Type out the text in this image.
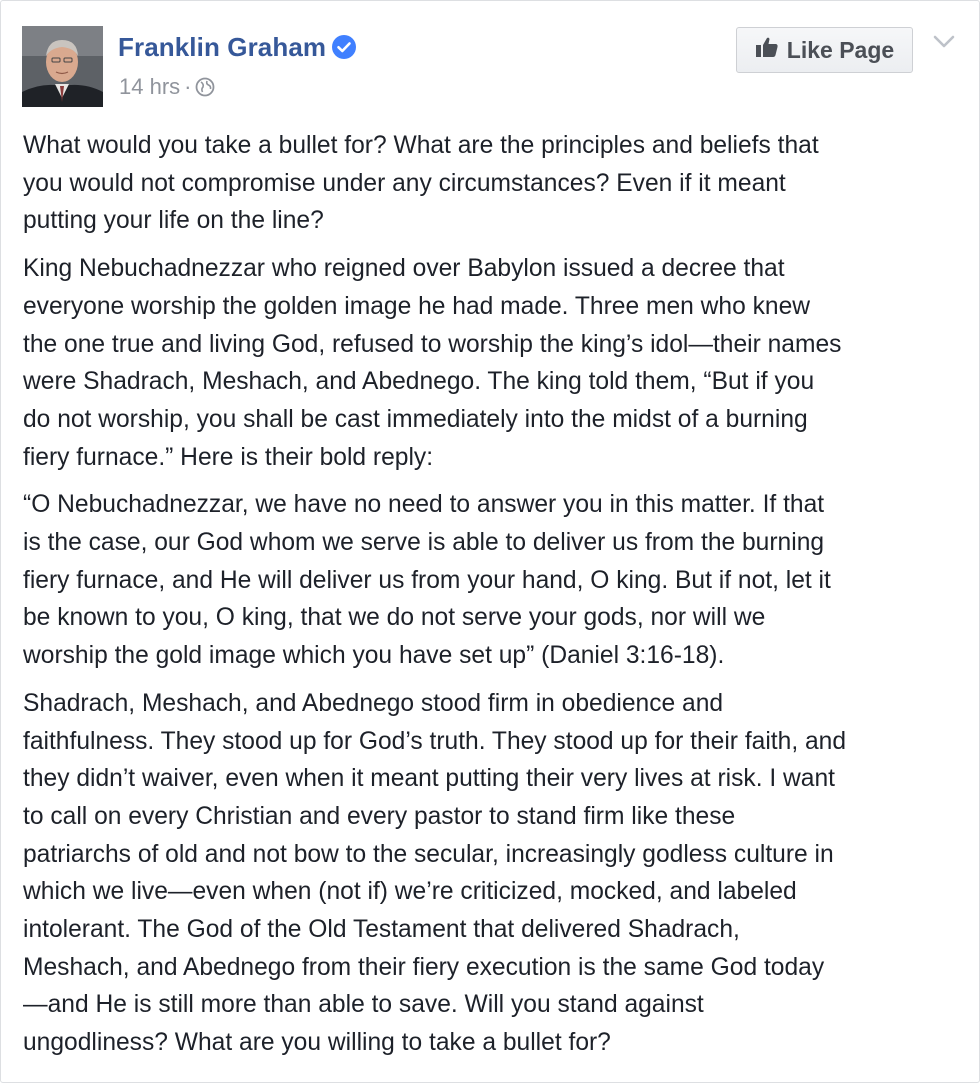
Franklin Graham
14 hrs ·
Like Page

What would you take a bullet for? What are the principles and beliefs that
you would not compromise under any circumstances? Even if it meant
putting your life on the line?

King Nebuchadnezzar who reigned over Babylon issued a decree that
everyone worship the golden image he had made. Three men who knew
the one true and living God, refused to worship the king’s idol—their names
were Shadrach, Meshach, and Abednego. The king told them, “But if you
do not worship, you shall be cast immediately into the midst of a burning
fiery furnace.” Here is their bold reply:

“O Nebuchadnezzar, we have no need to answer you in this matter. If that
is the case, our God whom we serve is able to deliver us from the burning
fiery furnace, and He will deliver us from your hand, O king. But if not, let it
be known to you, O king, that we do not serve your gods, nor will we
worship the gold image which you have set up” (Daniel 3:16-18).

Shadrach, Meshach, and Abednego stood firm in obedience and
faithfulness. They stood up for God’s truth. They stood up for their faith, and
they didn’t waiver, even when it meant putting their very lives at risk. I want
to call on every Christian and every pastor to stand firm like these
patriarchs of old and not bow to the secular, increasingly godless culture in
which we live—even when (not if) we’re criticized, mocked, and labeled
intolerant. The God of the Old Testament that delivered Shadrach,
Meshach, and Abednego from their fiery execution is the same God today
—and He is still more than able to save. Will you stand against
ungodliness? What are you willing to take a bullet for?
